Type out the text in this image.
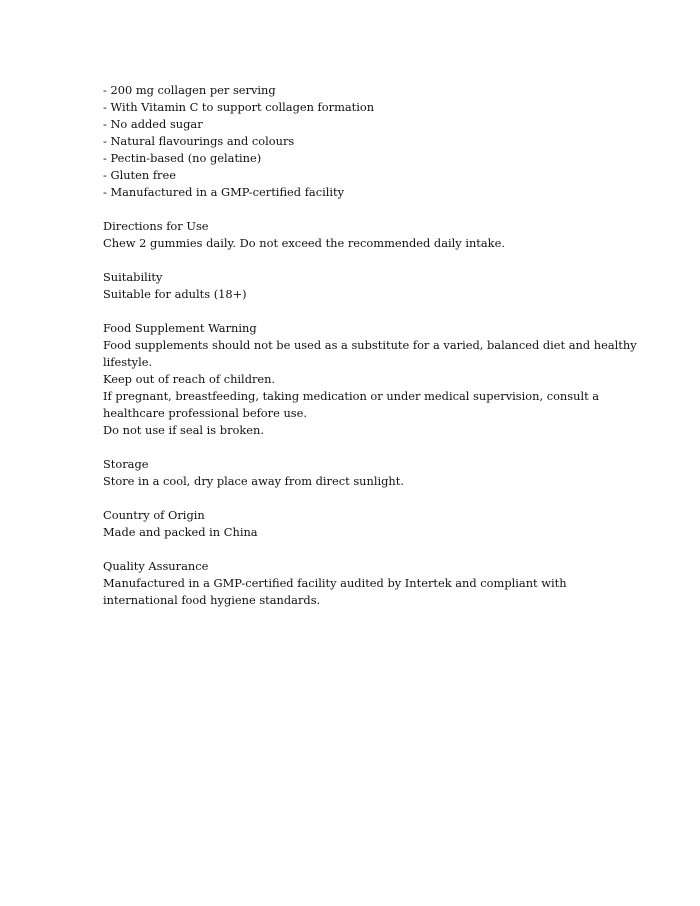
- 200 mg collagen per serving
- With Vitamin C to support collagen formation
- No added sugar
- Natural flavourings and colours
- Pectin-based (no gelatine)
- Gluten free
- Manufactured in a GMP-certified facility
Directions for Use
Chew 2 gummies daily. Do not exceed the recommended daily intake.
Suitability
Suitable for adults (18+)
Food Supplement Warning
Food supplements should not be used as a substitute for a varied, balanced diet and healthy
lifestyle.
Keep out of reach of children.
If pregnant, breastfeeding, taking medication or under medical supervision, consult a
healthcare professional before use.
Do not use if seal is broken.
Storage
Store in a cool, dry place away from direct sunlight.
Country of Origin
Made and packed in China
Quality Assurance
Manufactured in a GMP-certified facility audited by Intertek and compliant with
international food hygiene standards.
